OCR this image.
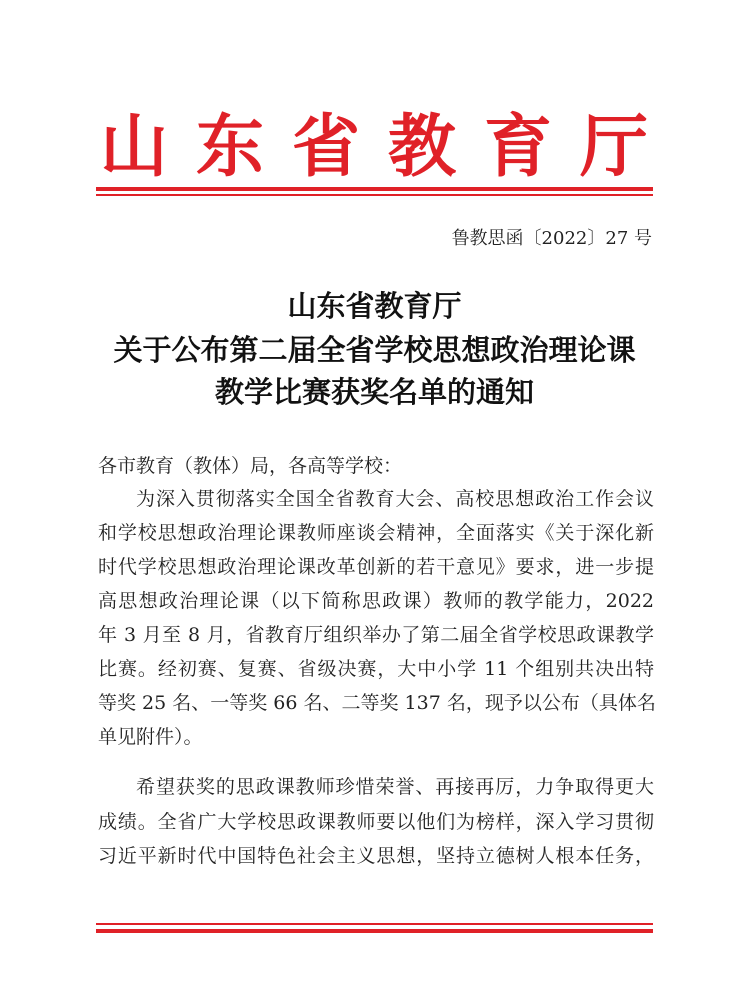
山 东 省 教 育 厅
鲁教思函〔2022〕27 号
山东省教育厅
关于公布第二届全省学校思想政治理论课
教学比赛获奖名单的通知
各市教育（教体）局，各高等学校：
为深入贯彻落实全国全省教育大会、高校思想政治工作会议
和学校思想政治理论课教师座谈会精神，全面落实《关于深化新
时代学校思想政治理论课改革创新的若干意见》要求，进一步提
高思想政治理论课（以下简称思政课）教师的教学能力，2022
年 3 月至 8 月，省教育厅组织举办了第二届全省学校思政课教学
比赛。经初赛、复赛、省级决赛，大中小学 11 个组别共决出特
等奖 25 名、一等奖 66 名、二等奖 137 名，现予以公布（具体名
单见附件）。
希望获奖的思政课教师珍惜荣誉、再接再厉，力争取得更大
成绩。全省广大学校思政课教师要以他们为榜样，深入学习贯彻
习近平新时代中国特色社会主义思想，坚持立德树人根本任务，
